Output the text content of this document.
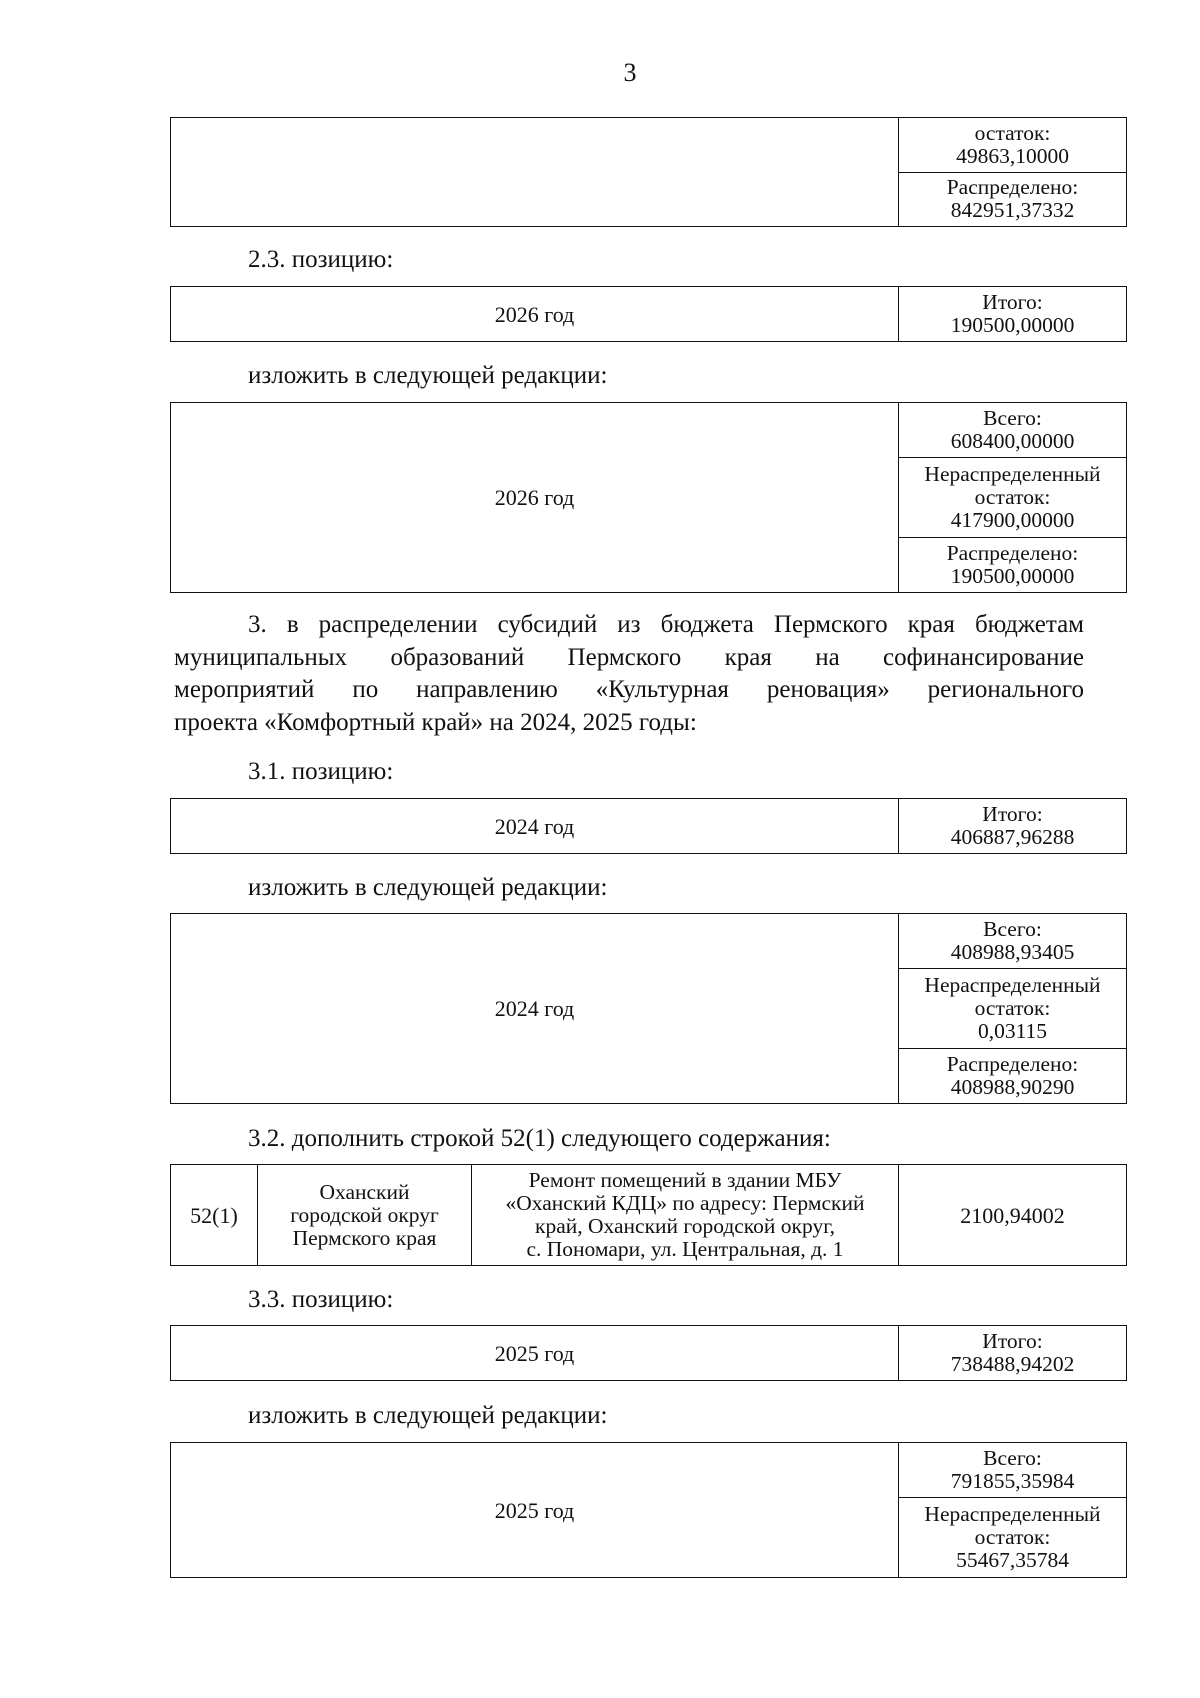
3

остаток:
49863,10000

Распределено:
842951,37332
2.3. позицию:
2026 год	Итого:
190500,00000
изложить в следующей редакции:
2026 год

Всего:
608400,00000

Нераспределенный
остаток:
417900,00000

Распределено:
190500,00000
3. в распределении субсидий из бюджета Пермского края бюджетам
муниципальных образований Пермского края на софинансирование
мероприятий по направлению «Культурная реновация» регионального
проекта «Комфортный край» на 2024, 2025 годы:
3.1. позицию:
2024 год	Итого:
406887,96288
изложить в следующей редакции:
2024 год

Всего:
408988,93405

Нераспределенный
остаток:
0,03115

Распределено:
408988,90290
3.2. дополнить строкой 52(1) следующего содержания:
52(1)

Оханский
городской округ
Пермского края

Ремонт помещений в здании МБУ
«Оханский КДЦ» по адресу: Пермский
край, Оханский городской округ,
с. Пономари, ул. Центральная, д. 1

2100,94002
3.3. позицию:
2025 год	Итого:
738488,94202
изложить в следующей редакции:
2025 год

Всего:
791855,35984

Нераспределенный
остаток:
55467,35784
